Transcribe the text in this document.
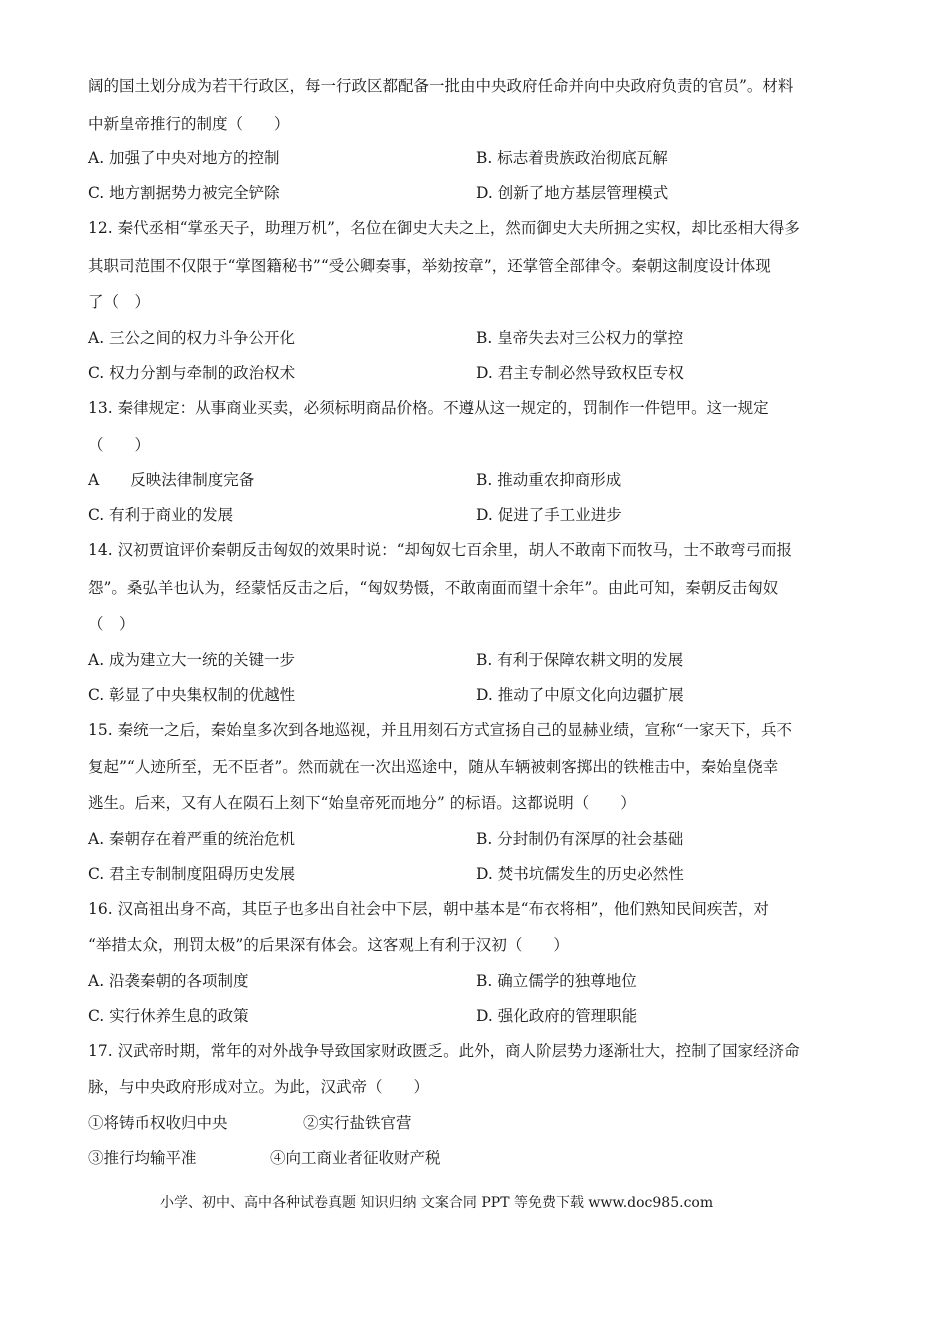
阔的国土划分成为若干行政区，每一行政区都配备一批由中央政府任命并向中央政府负责的官员”。材料
中新皇帝推行的制度（　　）
A. 加强了中央对地方的控制	B. 标志着贵族政治彻底瓦解
C. 地方割据势力被完全铲除	D. 创新了地方基层管理模式
12. 秦代丞相“掌丞天子，助理万机”，名位在御史大夫之上，然而御史大夫所拥之实权，却比丞相大得多
其职司范围不仅限于“掌图籍秘书”“受公卿奏事，举劾按章”，还掌管全部律令。秦朝这制度设计体现
了（　）
A. 三公之间的权力斗争公开化	B. 皇帝失去对三公权力的掌控
C. 权力分割与牵制的政治权术	D. 君主专制必然导致权臣专权
13. 秦律规定：从事商业买卖，必须标明商品价格。不遵从这一规定的，罚制作一件铠甲。这一规定
（　　）
A　　反映法律制度完备	B. 推动重农抑商形成
C. 有利于商业的发展	D. 促进了手工业进步
14. 汉初贾谊评价秦朝反击匈奴的效果时说：“却匈奴七百余里，胡人不敢南下而牧马，士不敢弯弓而报
怨”。桑弘羊也认为，经蒙恬反击之后，“匈奴势慑，不敢南面而望十余年”。由此可知，秦朝反击匈奴
（　）
A. 成为建立大一统的关键一步	B. 有利于保障农耕文明的发展
C. 彰显了中央集权制的优越性	D. 推动了中原文化向边疆扩展
15. 秦统一之后，秦始皇多次到各地巡视，并且用刻石方式宣扬自己的显赫业绩，宣称“一家天下，兵不
复起”“人迹所至，无不臣者”。然而就在一次出巡途中，随从车辆被刺客掷出的铁椎击中，秦始皇侥幸
逃生。后来，又有人在陨石上刻下“始皇帝死而地分” 的标语。这都说明（　　）
A. 秦朝存在着严重的统治危机	B. 分封制仍有深厚的社会基础
C. 君主专制制度阻碍历史发展	D. 焚书坑儒发生的历史必然性
16. 汉高祖出身不高，其臣子也多出自社会中下层，朝中基本是“布衣将相”，他们熟知民间疾苦，对
“举措太众，刑罚太极”的后果深有体会。这客观上有利于汉初（　　）
A. 沿袭秦朝的各项制度	B. 确立儒学的独尊地位
C. 实行休养生息的政策	D. 强化政府的管理职能
17. 汉武帝时期，常年的对外战争导致国家财政匮乏。此外，商人阶层势力逐渐壮大，控制了国家经济命
脉，与中央政府形成对立。为此，汉武帝（　　）
①将铸币权收归中央	②实行盐铁官营
③推行均输平准	④向工商业者征收财产税
小学、初中、高中各种试卷真题 知识归纳 文案合同 PPT 等免费下载 www.doc985.com
